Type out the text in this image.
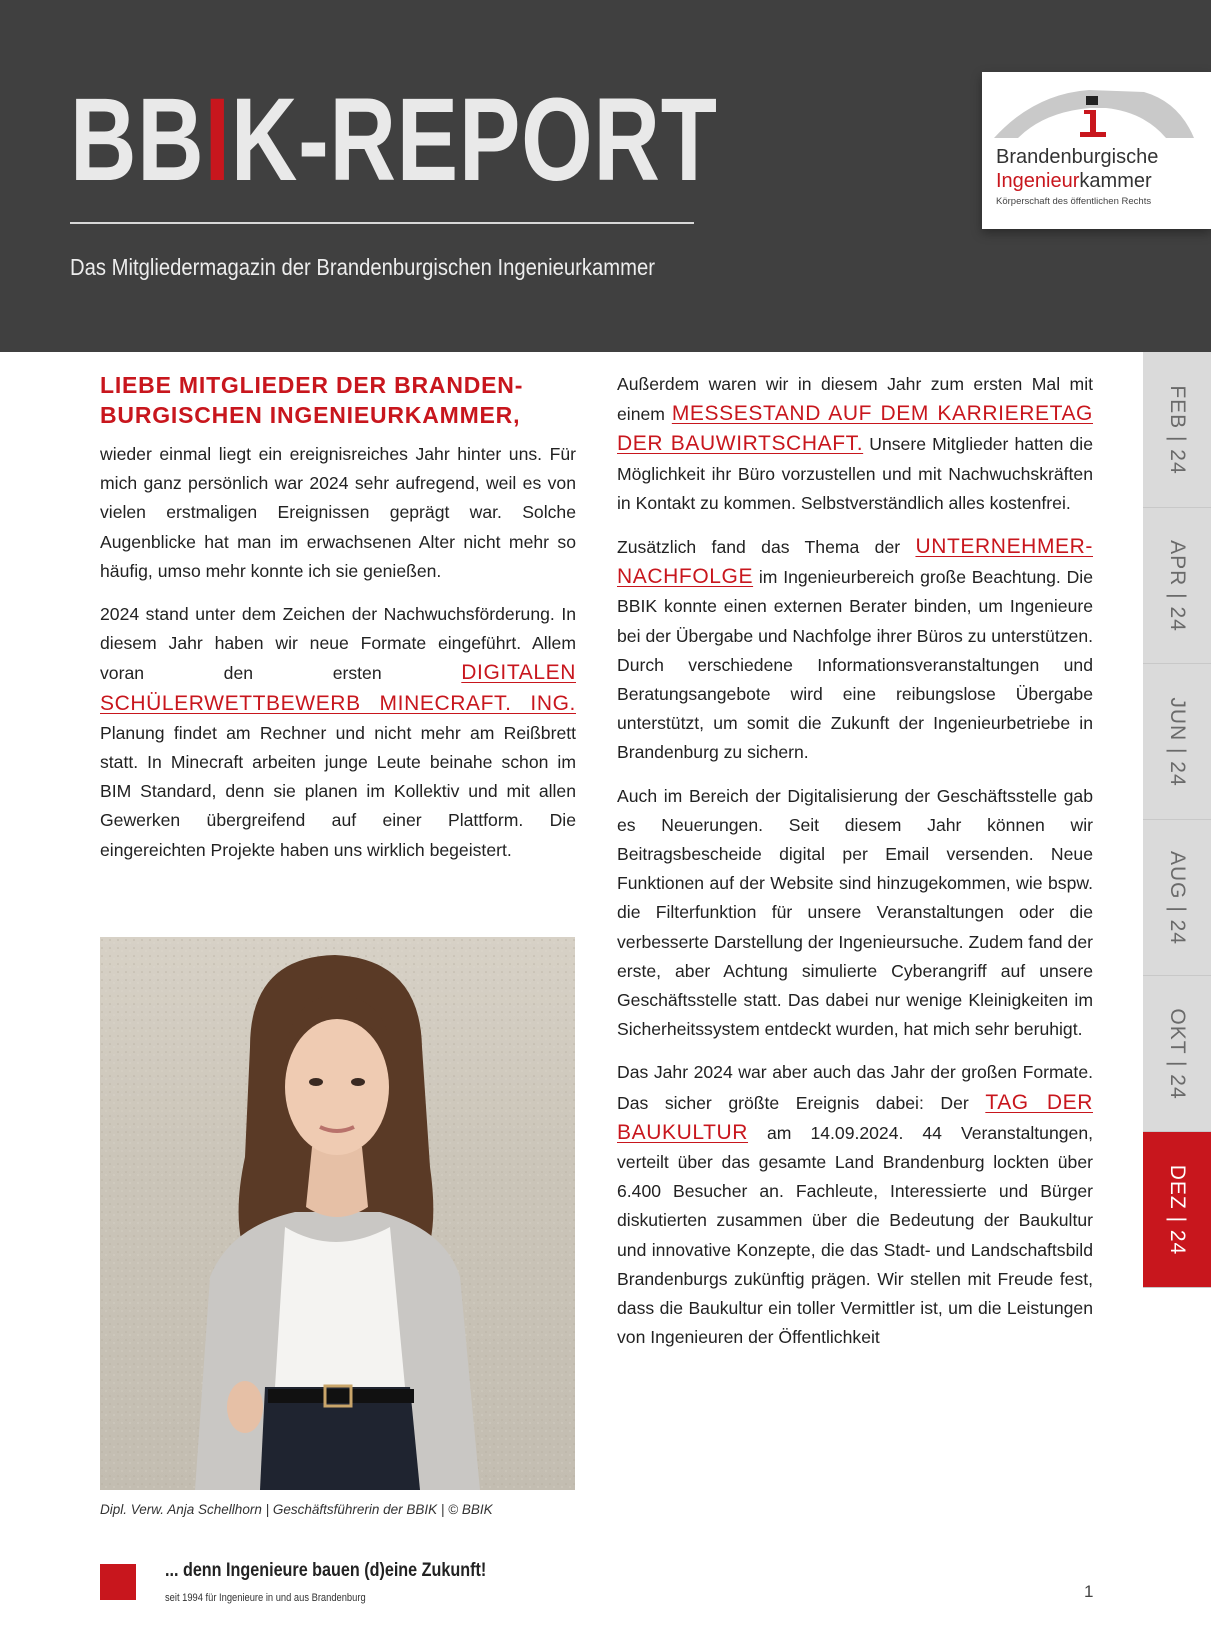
BBIK-REPORT
Das Mitgliedermagazin der Brandenburgischen Ingenieurkammer
Brandenburgische
Ingenieurkammer
Körperschaft des öffentlichen Rechts
FEB | 24
APR | 24
JUN | 24
AUG | 24
OKT | 24
DEZ | 24
LIEBE MITGLIEDER DER BRANDEN-
BURGISCHEN INGENIEURKAMMER,

wieder einmal liegt ein ereignisreiches Jahr hinter uns. Für mich ganz persönlich war 2024 sehr aufregend, weil es von vielen erstmaligen Ereignissen geprägt war. Solche Augenblicke hat man im erwachsenen Alter nicht mehr so häufig, umso mehr konnte ich sie genießen.

2024 stand unter dem Zeichen der Nachwuchsförderung. In diesem Jahr haben wir neue Formate eingeführt. Allem voran den ersten DIGITALEN SCHÜLERWETTBEWERB MINECRAFT. ING. Planung findet am Rechner und nicht mehr am Reißbrett statt. In Minecraft arbeiten junge Leute beinahe schon im BIM Standard, denn sie planen im Kollektiv und mit allen Gewerken übergreifend auf einer Plattform. Die eingereichten Projekte haben uns wirklich begeistert.

Dipl. Verw. Anja Schellhorn | Geschäftsführerin der BBIK | © BBIK

Außerdem waren wir in diesem Jahr zum ersten Mal mit einem MESSESTAND AUF DEM KARRIERETAG DER BAUWIRTSCHAFT. Unsere Mitglieder hatten die Möglichkeit ihr Büro vorzustellen und mit Nachwuchskräften in Kontakt zu kommen. Selbstverständlich alles kostenfrei.

Zusätzlich fand das Thema der UNTERNEHMER-NACHFOLGE im Ingenieurbereich große Beachtung. Die BBIK konnte einen externen Berater binden, um Ingenieure bei der Übergabe und Nachfolge ihrer Büros zu unterstützen. Durch verschiedene Informationsveranstaltungen und Beratungsangebote wird eine reibungslose Übergabe unterstützt, um somit die Zukunft der Ingenieurbetriebe in Brandenburg zu sichern.

Auch im Bereich der Digitalisierung der Geschäftsstelle gab es Neuerungen. Seit diesem Jahr können wir Beitragsbescheide digital per Email versenden. Neue Funktionen auf der Website sind hinzugekommen, wie bspw. die Filterfunktion für unsere Veranstaltungen oder die verbesserte Darstellung der Ingenieursuche. Zudem fand der erste, aber Achtung simulierte Cyberangriff auf unsere Geschäftsstelle statt. Das dabei nur wenige Kleinigkeiten im Sicherheitssystem entdeckt wurden, hat mich sehr beruhigt.

Das Jahr 2024 war aber auch das Jahr der großen Formate. Das sicher größte Ereignis dabei: Der TAG DER BAUKULTUR am 14.09.2024. 44 Veranstaltungen, verteilt über das gesamte Land Brandenburg lockten über 6.400 Besucher an. Fachleute, Interessierte und Bürger diskutierten zusammen über die Bedeutung der Baukultur und innovative Konzepte, die das Stadt- und Landschaftsbild Brandenburgs zukünftig prägen. Wir stellen mit Freude fest, dass die Baukultur ein toller Vermittler ist, um die Leistungen von Ingenieuren der Öffentlichkeit

... denn Ingenieure bauen (d)eine Zukunft!
seit 1994 für Ingenieure in und aus Brandenburg	1
